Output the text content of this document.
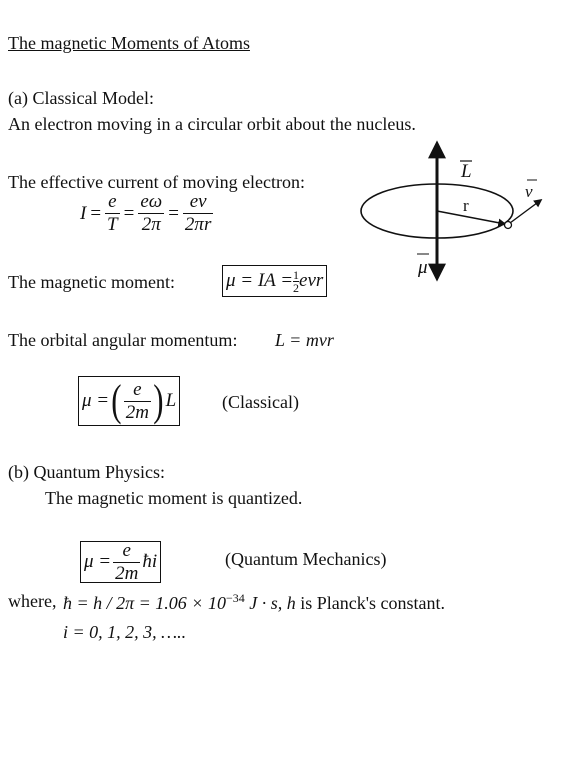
The magnetic Moments of Atoms
(a) Classical Model:
An electron moving in a circular orbit about the nucleus.
The effective current of moving electron:
$I = \frac{e}{T} = \frac{e\omega}{2\pi} = \frac{ev}{2\pi r}$
L
r
v
μ
The magnetic moment:	μ = IA = $\frac{1}{2}$ evr
The orbital angular momentum: L = mvr
μ = ( $\frac{e}{2m}$ ) L	(Classical)
(b) Quantum Physics:
The magnetic moment is quantized.
$\mu = \frac{e}{2m}$ ħi	(Quantum Mechanics)
where, ħ = $h / 2\pi = 1.06 \times 10^{-34}$ J · s, h is Planck's constant.
i = 0, 1, 2, 3, …..
